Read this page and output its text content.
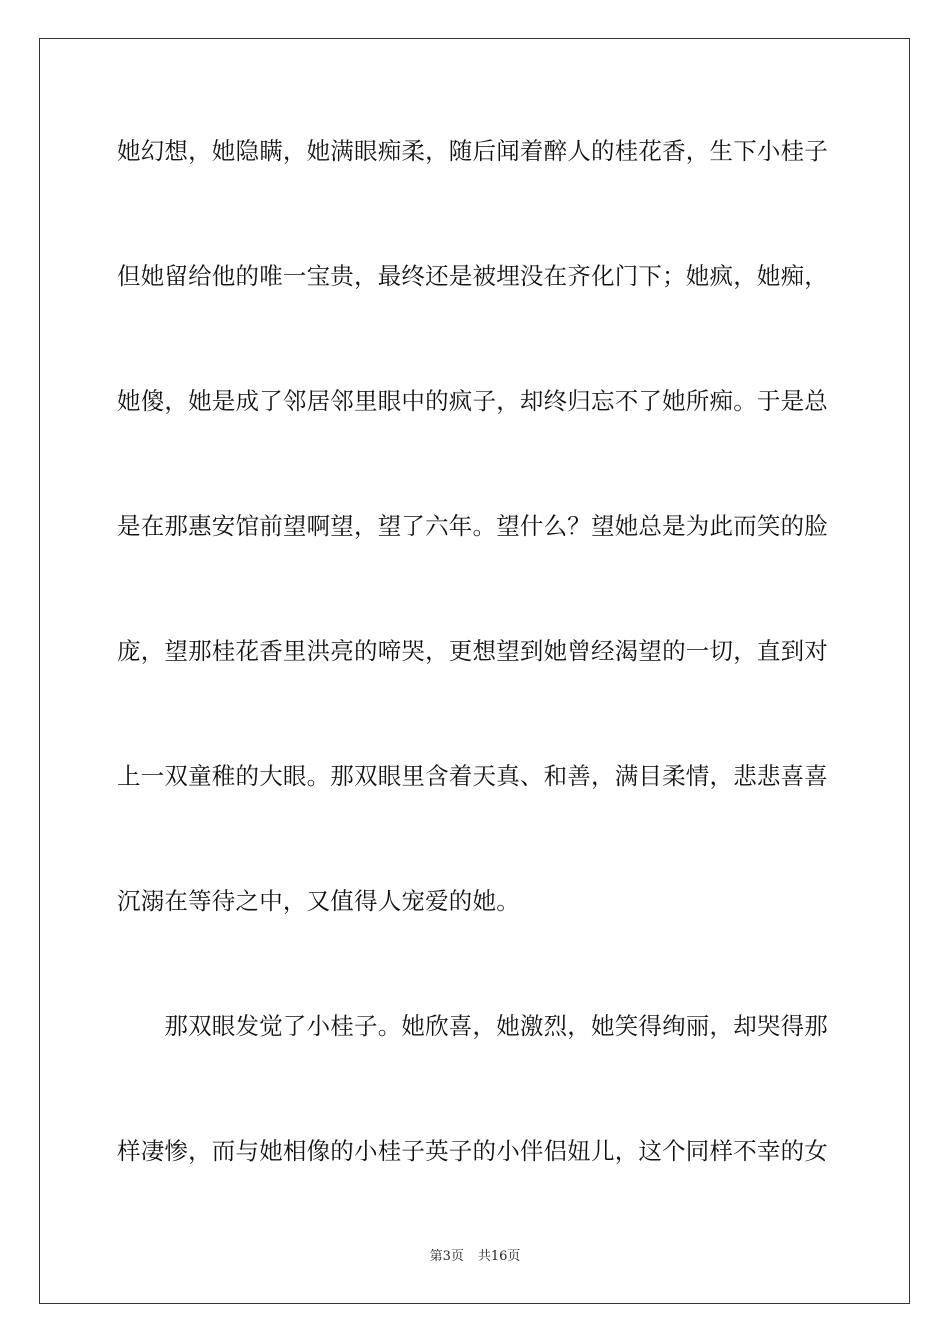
她幻想，她隐瞒，她满眼痴柔，随后闻着醉人的桂花香，生下小桂子
但她留给他的唯一宝贵，最终还是被埋没在齐化门下；她疯，她痴，
她傻，她是成了邻居邻里眼中的疯子，却终归忘不了她所痴。于是总
是在那惠安馆前望啊望，望了六年。望什么？望她总是为此而笑的脸
庞，望那桂花香里洪亮的啼哭，更想望到她曾经渴望的一切，直到对
上一双童稚的大眼。那双眼里含着天真、和善，满目柔情，悲悲喜喜
沉溺在等待之中，又值得人宠爱的她。
　　那双眼发觉了小桂子。她欣喜，她激烈，她笑得绚丽，却哭得那
样凄惨，而与她相像的小桂子英子的小伴侣妞儿，这个同样不幸的女
第3页 共16页
